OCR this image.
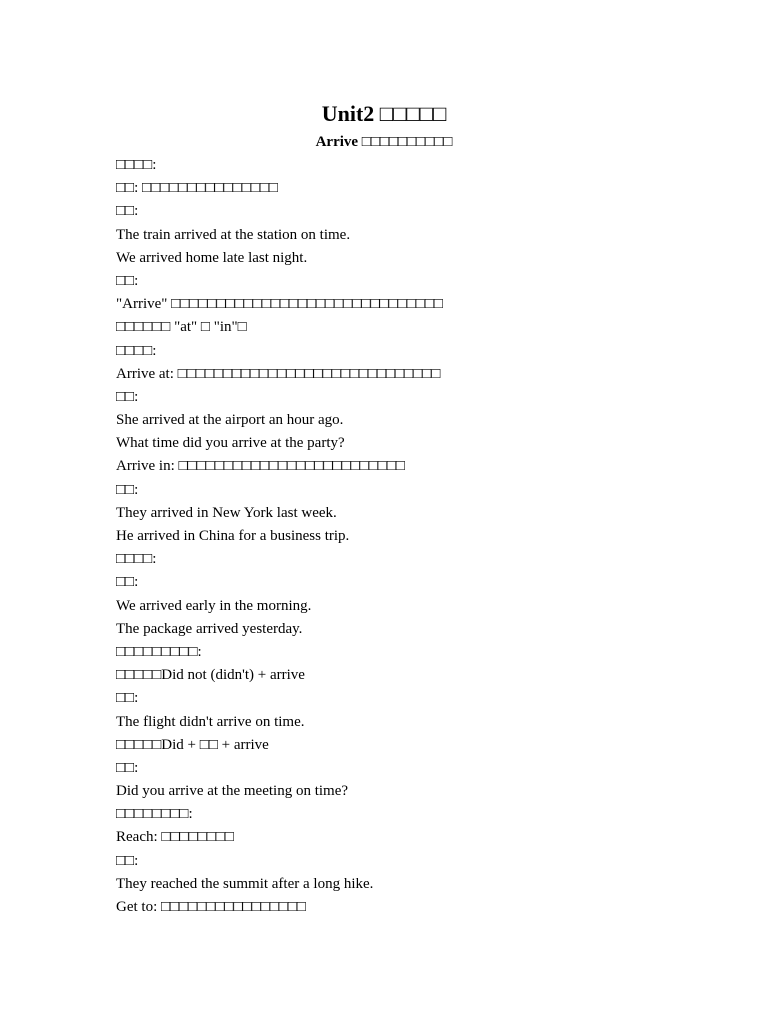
Unit2 □□□□□
Arrive □□□□□□□□□□
□□□□:
□□: □□□□□□□□□□□□□□□
□□:
The train arrived at the station on time.
We arrived home late last night.
□□:
"Arrive" □□□□□□□□□□□□□□□□□□□□□□□□□□□□□□
□□□□□□ "at" □ "in"□
□□□□:
Arrive at: □□□□□□□□□□□□□□□□□□□□□□□□□□□□□
□□:
She arrived at the airport an hour ago.
What time did you arrive at the party?
Arrive in: □□□□□□□□□□□□□□□□□□□□□□□□□
□□:
They arrived in New York last week.
He arrived in China for a business trip.
□□□□:
□□:
We arrived early in the morning.
The package arrived yesterday.
□□□□□□□□□:
□□□□□Did not (didn't) + arrive
□□:
The flight didn't arrive on time.
□□□□□Did + □□ + arrive
□□:
Did you arrive at the meeting on time?
□□□□□□□□:
Reach: □□□□□□□□
□□:
They reached the summit after a long hike.
Get to: □□□□□□□□□□□□□□□□
